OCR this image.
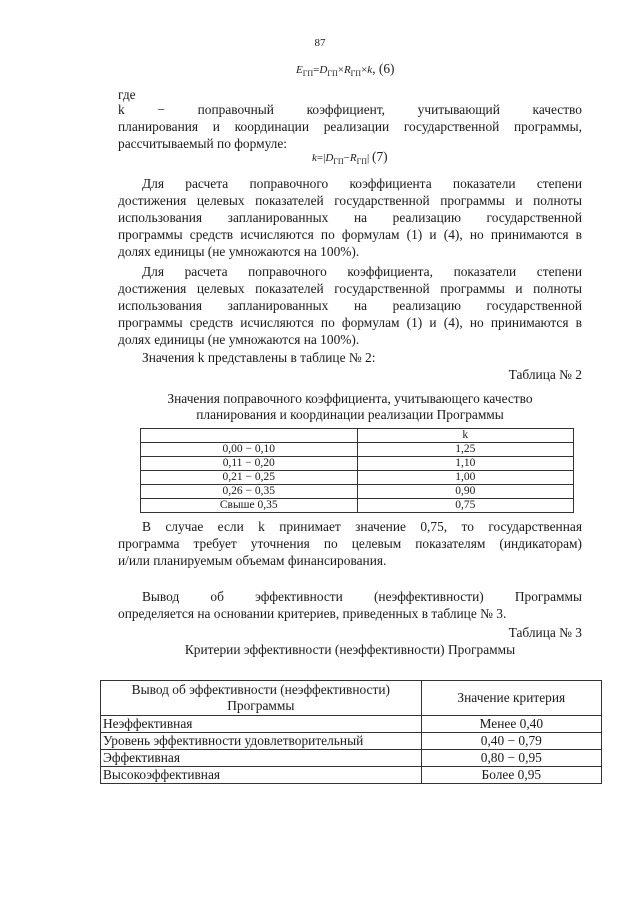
87
$E_{ГП}=D_{ГП}\times R_{ГП}\times k$, (6)
где
k − поправочный коэффициент, учитывающий качество
планирования и координации реализации государственной программы,
рассчитываемый по формуле:
$k=|D_{ГП}-R_{ГП}|$ (7)
Для расчета поправочного коэффициента показатели степени
достижения целевых показателей государственной программы и полноты
использования запланированных на реализацию государственной
программы средств исчисляются по формулам (1) и (4), но принимаются в
долях единицы (не умножаются на 100%).
Для расчета поправочного коэффициента, показатели степени
достижения целевых показателей государственной программы и полноты
использования запланированных на реализацию государственной
программы средств исчисляются по формулам (1) и (4), но принимаются в
долях единицы (не умножаются на 100%).
Значения k представлены в таблице № 2:
Таблица № 2
Значения поправочного коэффициента, учитывающего качество
планирования и координации реализации Программы
	k
0,00 − 0,10	1,25
0,11 − 0,20	1,10
0,21 − 0,25	1,00
0,26 − 0,35	0,90
Свыше 0,35	0,75
В случае если k принимает значение 0,75, то государственная
программа требует уточнения по целевым показателям (индикаторам)
и/или планируемым объемам финансирования.
Вывод об эффективности (неэффективности) Программы
определяется на основании критериев, приведенных в таблице № 3.
Таблица № 3
Критерии эффективности (неэффективности) Программы
Вывод об эффективности (неэффективности)
Программы	Значение критерия
Неэффективная	Менее 0,40
Уровень эффективности удовлетворительный	0,40 − 0,79
Эффективная	0,80 − 0,95
Высокоэффективная	Более 0,95
